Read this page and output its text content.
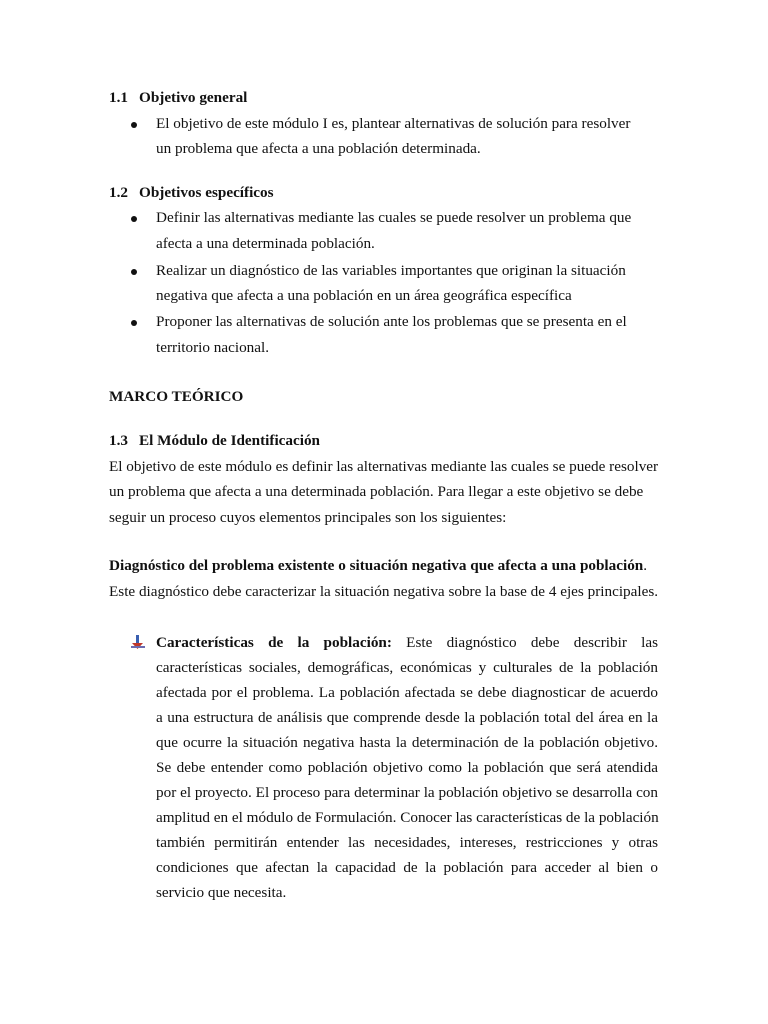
1.1 Objetivo general
El objetivo de este módulo I es, plantear alternativas de solución para resolver
un problema que afecta a una población determinada.
1.2 Objetivos específicos
Definir las alternativas mediante las cuales se puede resolver un problema que
afecta a una determinada población.
Realizar un diagnóstico de las variables importantes que originan la situación
negativa que afecta a una población en un área geográfica específica
Proponer las alternativas de solución ante los problemas que se presenta en el
territorio nacional.
MARCO TEÓRICO
1.3 El Módulo de Identificación
El objetivo de este módulo es definir las alternativas mediante las cuales se puede resolver
un problema que afecta a una determinada población. Para llegar a este objetivo se debe
seguir un proceso cuyos elementos principales son los siguientes:
Diagnóstico del problema existente o situación negativa que afecta a una población.
Este diagnóstico debe caracterizar la situación negativa sobre la base de 4 ejes principales.
Características de la población: Este diagnóstico debe describir las
características sociales, demográficas, económicas y culturales de la población
afectada por el problema. La población afectada se debe diagnosticar de acuerdo
a una estructura de análisis que comprende desde la población total del área en la
que ocurre la situación negativa hasta la determinación de la población objetivo.
Se debe entender como población objetivo como la población que será atendida
por el proyecto. El proceso para determinar la población objetivo se desarrolla con
amplitud en el módulo de Formulación. Conocer las características de la población
también permitirán entender las necesidades, intereses, restricciones y otras
condiciones que afectan la capacidad de la población para acceder al bien o
servicio que necesita.
